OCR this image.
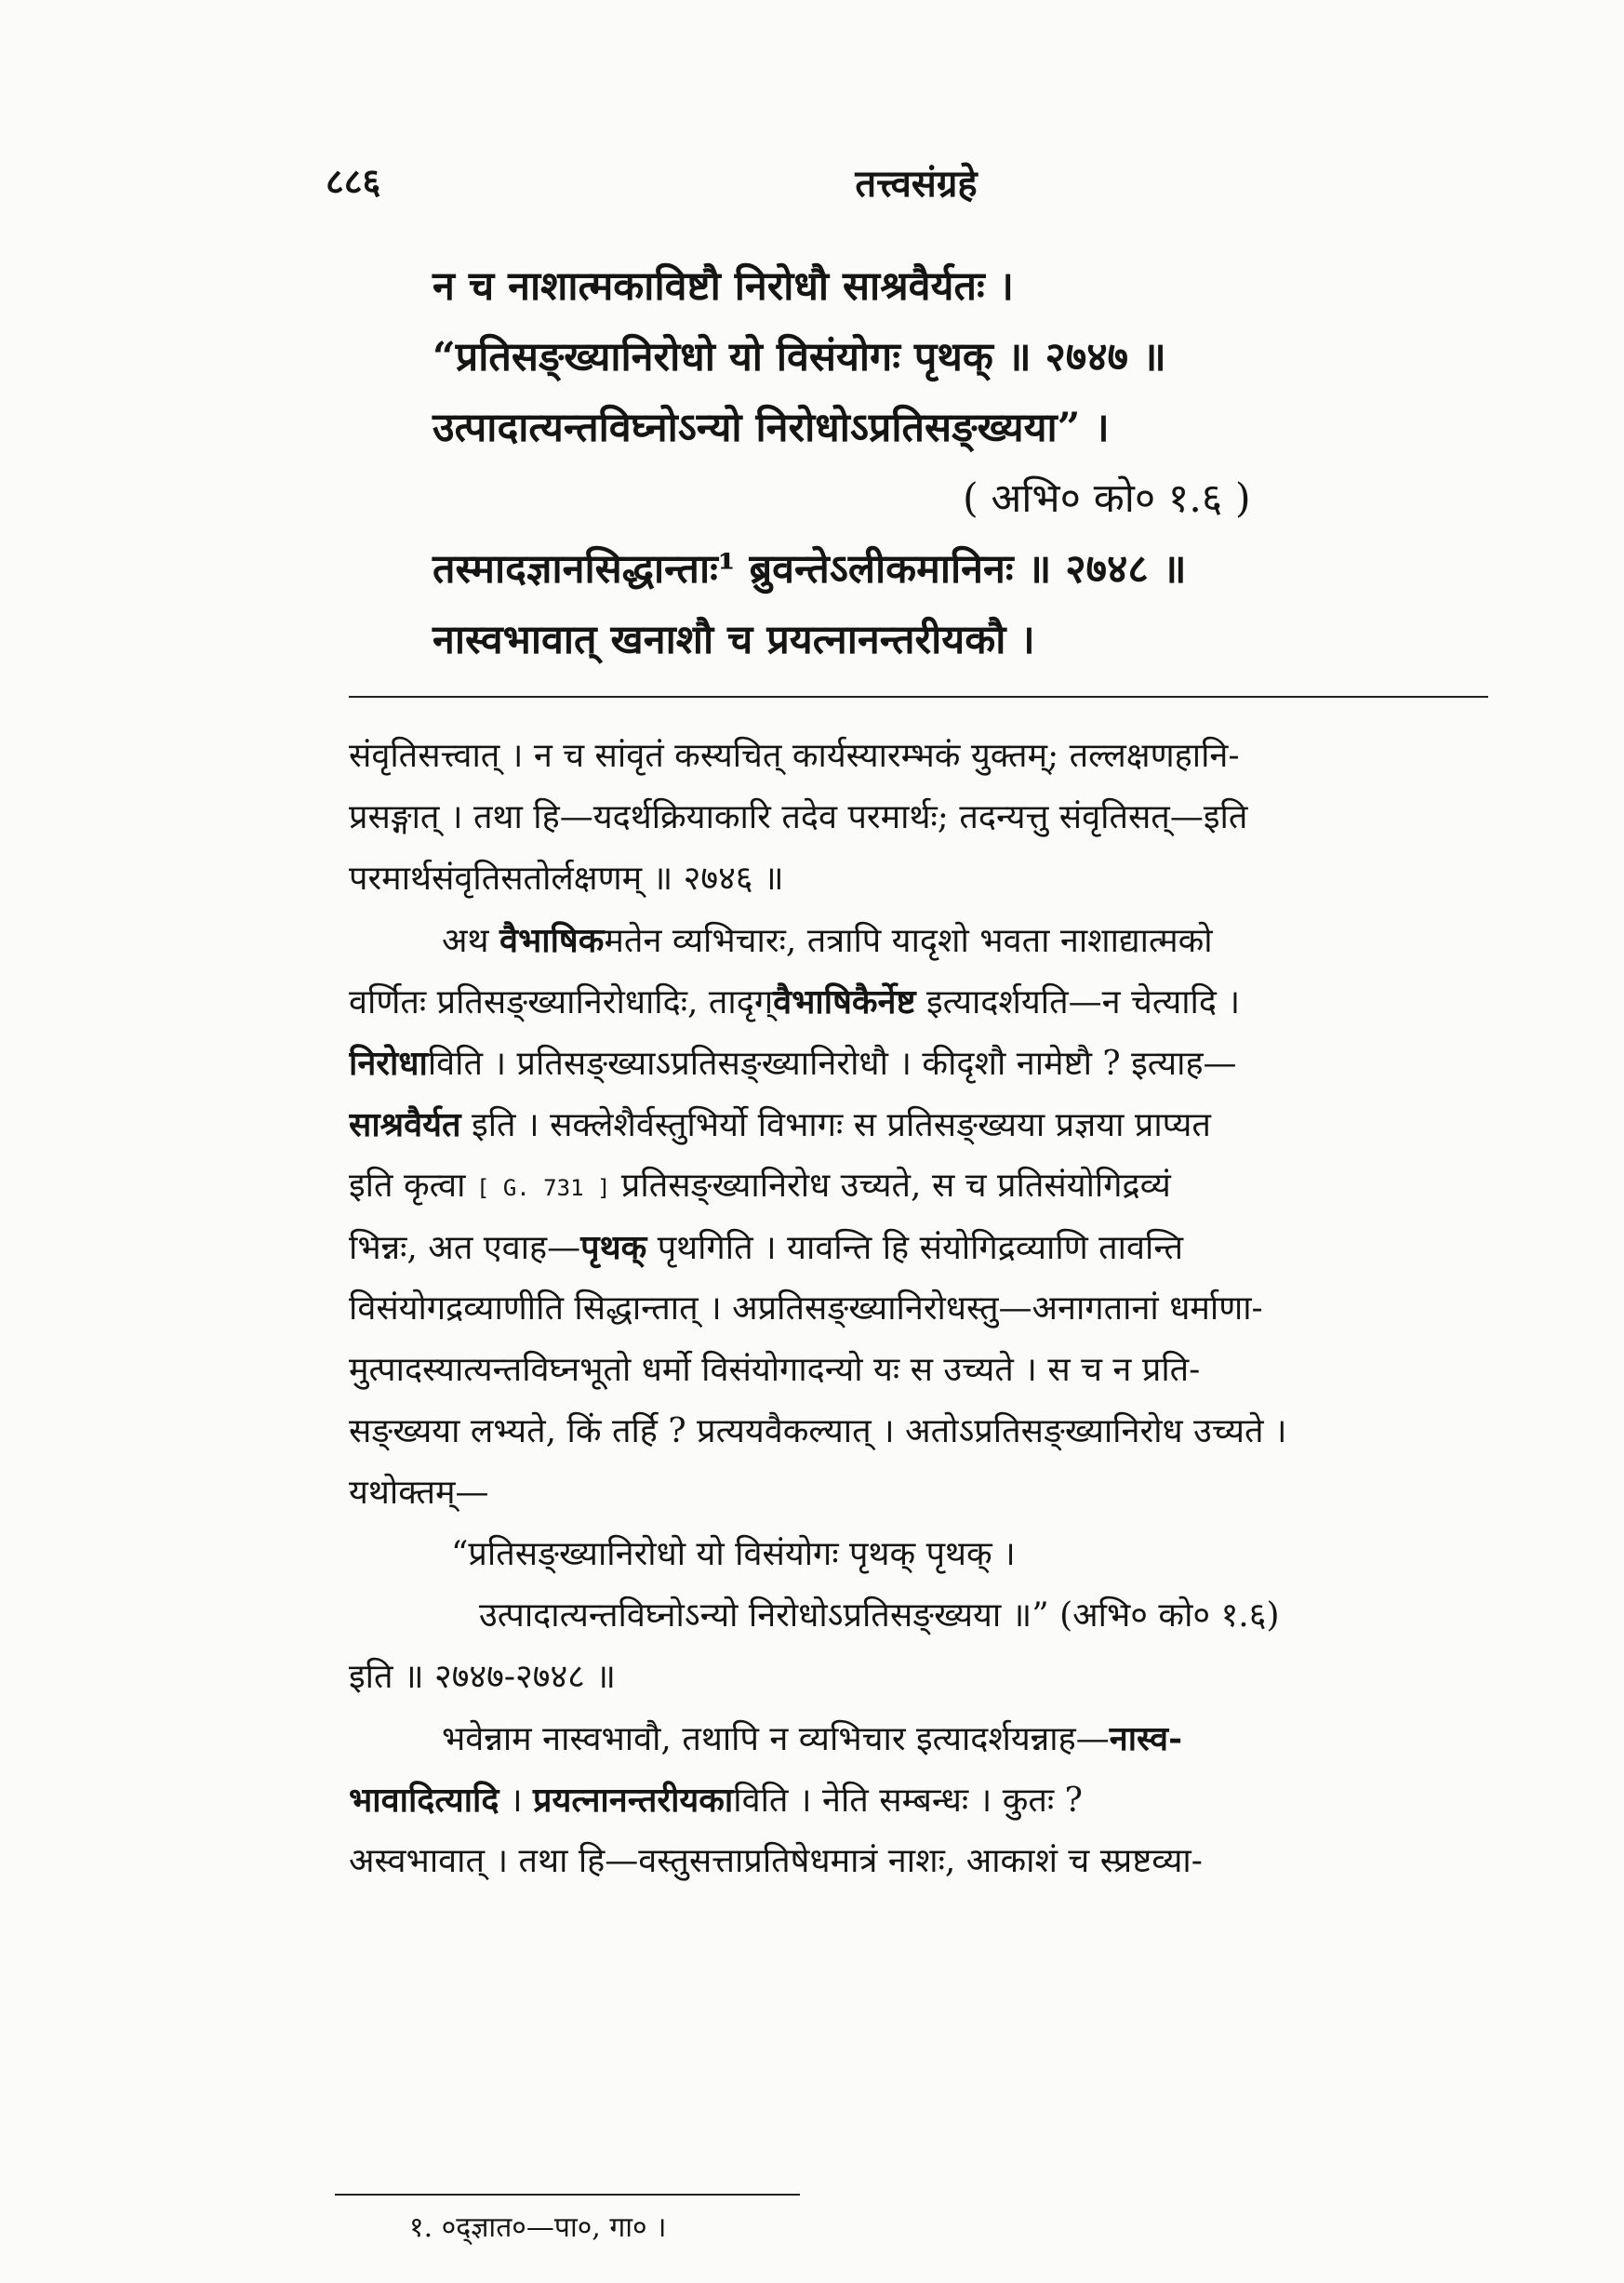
८८६	तत्त्वसंग्रहे
न च नाशात्मकाविष्टौ निरोधौ साश्रवैर्यतः ।
“प्रतिसङ्ख्यानिरोधो यो विसंयोगः पृथक् ॥ २७४७ ॥
उत्पादात्यन्तविघ्नोऽन्यो निरोधोऽप्रतिसङ्ख्यया” ।
( अभि० को० १.६ )
तस्मादज्ञानसिद्धान्ताः¹ ब्रुवन्तेऽलीकमानिनः ॥ २७४८ ॥
नास्वभावात् खनाशौ च प्रयत्नानन्तरीयकौ ।
संवृतिसत्त्वात् । न च सांवृतं कस्यचित् कार्यस्यारम्भकं युक्तम्; तल्लक्षणहानि-
प्रसङ्गात् । तथा हि—यदर्थक्रियाकारि तदेव परमार्थः; तदन्यत्तु संवृतिसत्—इति
परमार्थसंवृतिसतोर्लक्षणम् ॥ २७४६ ॥
अथ वैभाषिकमतेन व्यभिचारः, तत्रापि यादृशो भवता नाशाद्यात्मको
वर्णितः प्रतिसङ्ख्यानिरोधादिः, तादृग्वैभाषिकैर्नेष्ट इत्यादर्शयति—न चेत्यादि ।
निरोधाविति । प्रतिसङ्ख्याऽप्रतिसङ्ख्यानिरोधौ । कीदृशौ नामेष्टौ ? इत्याह—
साश्रवैर्यत इति । सक्लेशैर्वस्तुभिर्यो विभागः स प्रतिसङ्ख्यया प्रज्ञया प्राप्यत
इति कृत्वा [ G. 731 ] प्रतिसङ्ख्यानिरोध उच्यते, स च प्रतिसंयोगिद्रव्यं
भिन्नः, अत एवाह—पृथक् पृथगिति । यावन्ति हि संयोगिद्रव्याणि तावन्ति
विसंयोगद्रव्याणीति सिद्धान्तात् । अप्रतिसङ्ख्यानिरोधस्तु—अनागतानां धर्माणा-
मुत्पादस्यात्यन्तविघ्नभूतो धर्मो विसंयोगादन्यो यः स उच्यते । स च न प्रति-
सङ्ख्यया लभ्यते, किं तर्हि ? प्रत्ययवैकल्यात् । अतोऽप्रतिसङ्ख्यानिरोध उच्यते ।
यथोक्तम्—
“प्रतिसङ्ख्यानिरोधो यो विसंयोगः पृथक् पृथक् ।
उत्पादात्यन्तविघ्नोऽन्यो निरोधोऽप्रतिसङ्ख्यया ॥” (अभि० को० १.६)
इति ॥ २७४७-२७४८ ॥
भवेन्नाम नास्वभावौ, तथापि न व्यभिचार इत्यादर्शयन्नाह—नास्व-
भावादित्यादि । प्रयत्नानन्तरीयकाविति । नेति सम्बन्धः । कुतः ?
अस्वभावात् । तथा हि—वस्तुसत्ताप्रतिषेधमात्रं नाशः, आकाशं च स्प्रष्टव्या-
१. ०द्ज्ञात०—पा०, गा० ।
